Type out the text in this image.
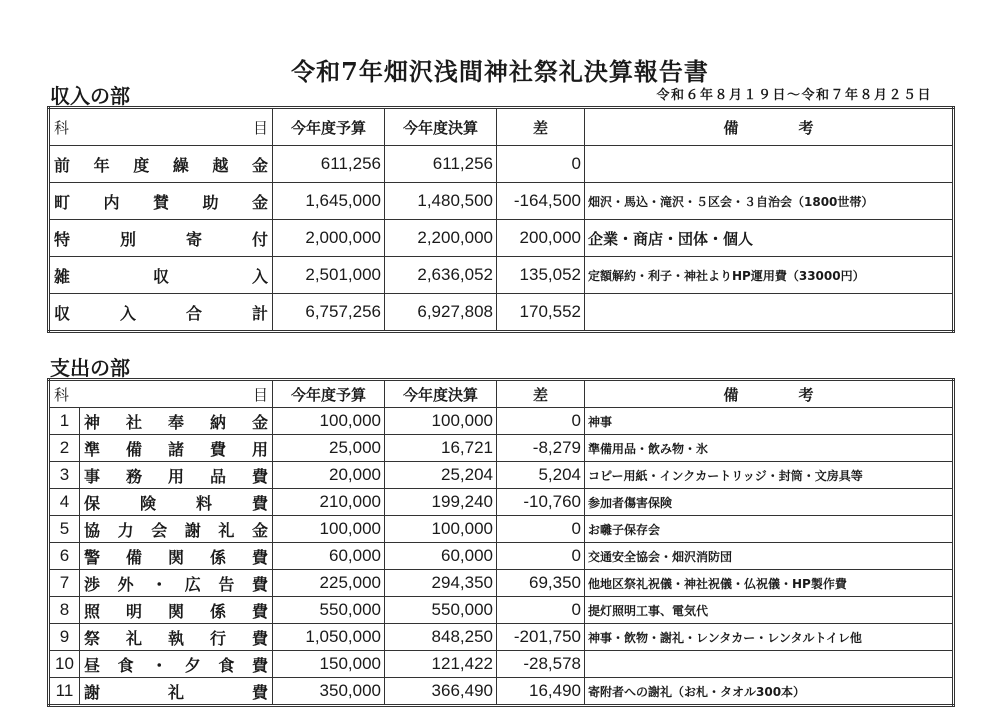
令和7年畑沢浅間神社祭礼決算報告書
収入の部	令和６年８月１９日～令和７年８月２５日
科 目	今年度予算	今年度決算	差	備　　　　考

前 年 度 繰 越 金	611,256	611,256	0	

町 内 賛 助 金	1,645,000	1,480,500	-164,500	畑沢・馬込・滝沢・５区会・３自治会（1800世帯）

特 別 寄 付	2,000,000	2,200,000	200,000	企業・商店・団体・個人

雑 収 入	2,501,000	2,636,052	135,052	定額解約・利子・神社よりHP運用費（33000円）

収 入 合 計	6,757,256	6,927,808	170,552	
支出の部
科 目		今年度予算	今年度決算	差	備　　　　考
1	神 社 奉 納 金	100,000	100,000	0	神事
2	準 備 諸 費 用	25,000	16,721	-8,279	準備用品・飲み物・氷
3	事 務 用 品 費	20,000	25,204	5,204	コピー用紙・インクカートリッジ・封筒・文房具等
4	保 険 料 費	210,000	199,240	-10,760	参加者傷害保険
5	協 力 会 謝 礼 金	100,000	100,000	0	お囃子保存会
6	警 備 関 係 費	60,000	60,000	0	交通安全協会・畑沢消防団
7	渉 外 ・ 広 告 費	225,000	294,350	69,350	他地区祭礼祝儀・神社祝儀・仏祝儀・HP製作費
8	照 明 関 係 費	550,000	550,000	0	提灯照明工事、電気代
9	祭 礼 執 行 費	1,050,000	848,250	-201,750	神事・飲物・謝礼・レンタカー・レンタルトイレ他
10	昼 食 ・ 夕 食 費	150,000	121,422	-28,578	
11	謝 礼 費	350,000	366,490	16,490	寄附者への謝礼（お札・タオル300本）
